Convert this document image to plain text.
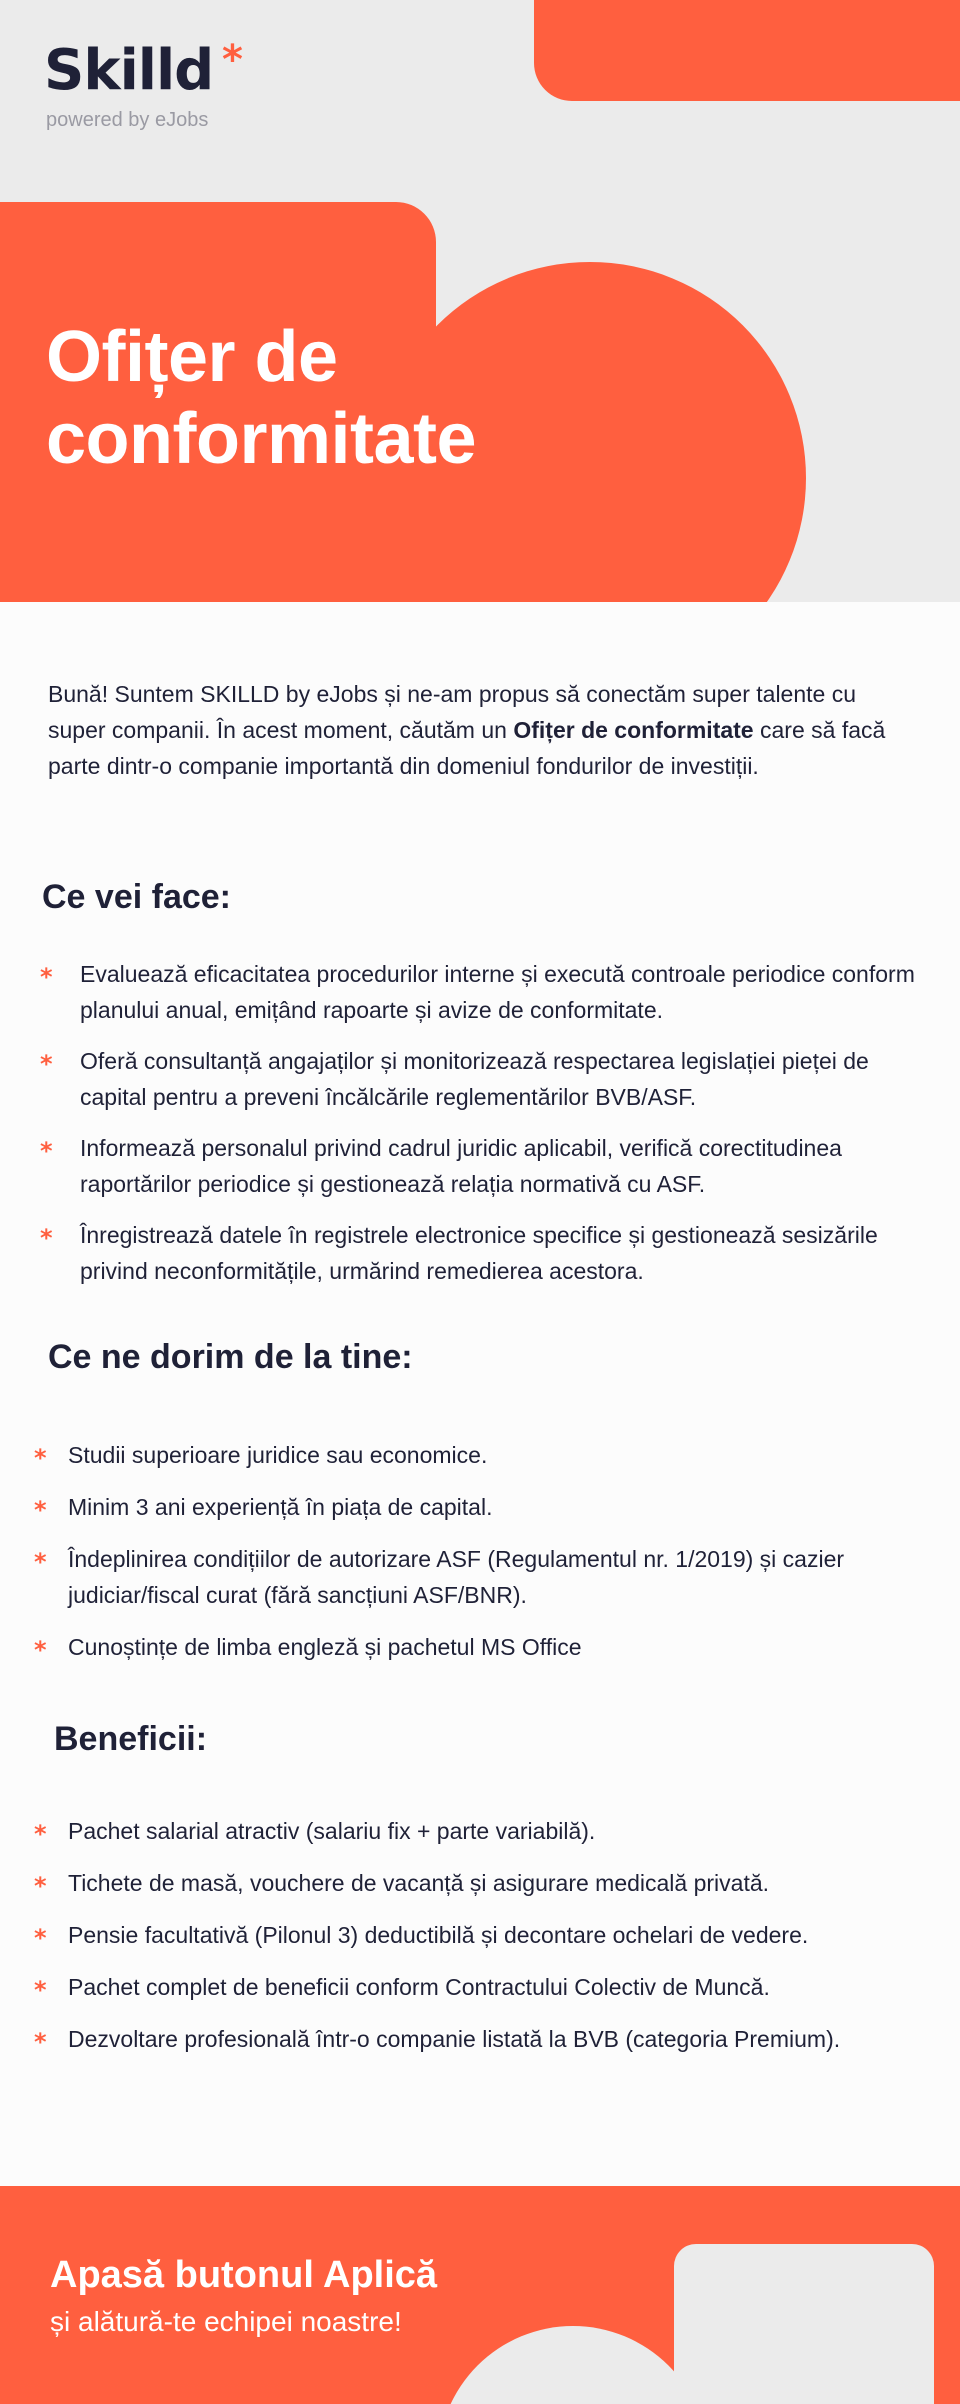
Skilld *
powered by eJobs
Ofițer de
conformitate

Bună! Suntem SKILLD by eJobs și ne-am propus să conectăm super talente cu super companii. În acest moment, căutăm un Ofițer de conformitate care să facă parte dintr-o companie importantă din domeniul fondurilor de investiții.

Ce vei face:
* Evaluează eficacitatea procedurilor interne și execută controale periodice conform planului anual, emițând rapoarte și avize de conformitate.
* Oferă consultanță angajaților și monitorizează respectarea legislației pieței de capital pentru a preveni încălcările reglementărilor BVB/ASF.
* Informează personalul privind cadrul juridic aplicabil, verifică corectitudinea raportărilor periodice și gestionează relația normativă cu ASF.
* Înregistrează datele în registrele electronice specifice și gestionează sesizările privind neconformitățile, urmărind remedierea acestora.
Ce ne dorim de la tine:
* Studii superioare juridice sau economice.
* Minim 3 ani experiență în piața de capital.
* Îndeplinirea condițiilor de autorizare ASF (Regulamentul nr. 1/2019) și cazier judiciar/fiscal curat (fără sancțiuni ASF/BNR).
* Cunoștințe de limba engleză și pachetul MS Office
Beneficii:
* Pachet salarial atractiv (salariu fix + parte variabilă).
* Tichete de masă, vouchere de vacanță și asigurare medicală privată.
* Pensie facultativă (Pilonul 3) deductibilă și decontare ochelari de vedere.
* Pachet complet de beneficii conform Contractului Colectiv de Muncă.
* Dezvoltare profesională într-o companie listată la BVB (categoria Premium).
Apasă butonul Aplică
și alătură-te echipei noastre!
